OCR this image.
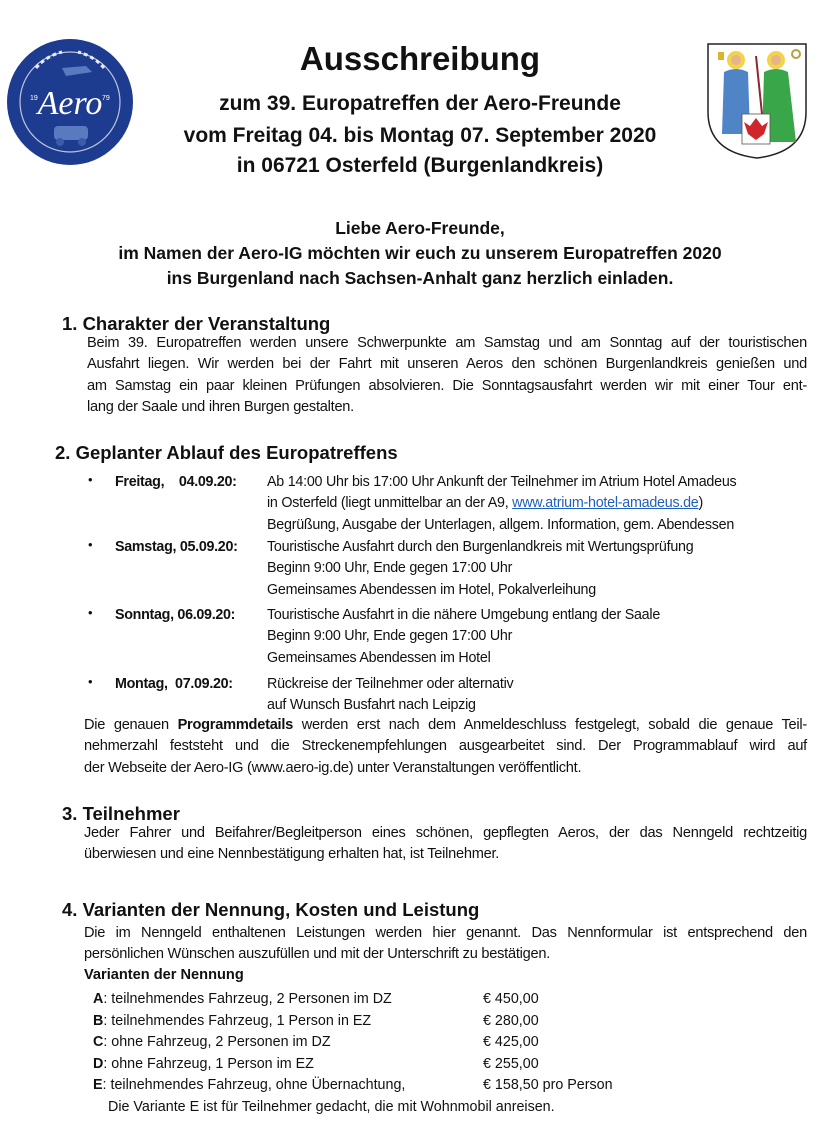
Aero
19	79
Ausschreibung
zum 39. Europatreffen der Aero-Freunde
vom Freitag 04. bis Montag 07. September 2020
in 06721 Osterfeld (Burgenlandkreis)
Liebe Aero-Freunde,
im Namen der Aero-IG möchten wir euch zu unserem Europatreffen 2020
ins Burgenland nach Sachsen-Anhalt ganz herzlich einladen.
1. Charakter der Veranstaltung
Beim 39. Europatreffen werden unsere Schwerpunkte am Samstag und am Sonntag auf der touristischen
Ausfahrt liegen. Wir werden bei der Fahrt mit unseren Aeros den schönen Burgenlandkreis genießen und
am Samstag ein paar kleinen Prüfungen absolvieren. Die Sonntagsausfahrt werden wir mit einer Tour ent-
lang der Saale und ihren Burgen gestalten.
2. Geplanter Ablauf des Europatreffens
• Freitag,    04.09.20: Ab 14:00 Uhr bis 17:00 Uhr Ankunft der Teilnehmer im Atrium Hotel Amadeus
in Osterfeld (liegt unmittelbar an der A9, www.atrium-hotel-amadeus.de)
Begrüßung, Ausgabe der Unterlagen, allgem. Information, gem. Abendessen
• Samstag, 05.09.20: Touristische Ausfahrt durch den Burgenlandkreis mit Wertungsprüfung
Beginn 9:00 Uhr, Ende gegen 17:00 Uhr
Gemeinsames Abendessen im Hotel, Pokalverleihung
• Sonntag, 06.09.20: Touristische Ausfahrt in die nähere Umgebung entlang der Saale
Beginn 9:00 Uhr, Ende gegen 17:00 Uhr
Gemeinsames Abendessen im Hotel
• Montag,  07.09.20: Rückreise der Teilnehmer oder alternativ
auf Wunsch Busfahrt nach Leipzig
Die genauen Programmdetails werden erst nach dem Anmeldeschluss festgelegt, sobald die genaue Teil-
nehmerzahl feststeht und die Streckenempfehlungen ausgearbeitet sind. Der Programmablauf wird auf
der Webseite der Aero-IG (www.aero-ig.de) unter Veranstaltungen veröffentlicht.
3. Teilnehmer
Jeder Fahrer und Beifahrer/Begleitperson eines schönen, gepflegten Aeros, der das Nenngeld rechtzeitig
überwiesen und eine Nennbestätigung erhalten hat, ist Teilnehmer.
4. Varianten der Nennung, Kosten und Leistung
Die im Nenngeld enthaltenen Leistungen werden hier genannt. Das Nennformular ist entsprechend den
persönlichen Wünschen auszufüllen und mit der Unterschrift zu bestätigen.
Varianten der Nennung
A: teilnehmendes Fahrzeug, 2 Personen im DZ	€ 450,00
B: teilnehmendes Fahrzeug, 1 Person in EZ	€ 280,00
C: ohne Fahrzeug, 2 Personen im DZ	€ 425,00
D: ohne Fahrzeug, 1 Person im EZ	€ 255,00
E: teilnehmendes Fahrzeug, ohne Übernachtung,	€ 158,50 pro Person
Die Variante E ist für Teilnehmer gedacht, die mit Wohnmobil anreisen.
